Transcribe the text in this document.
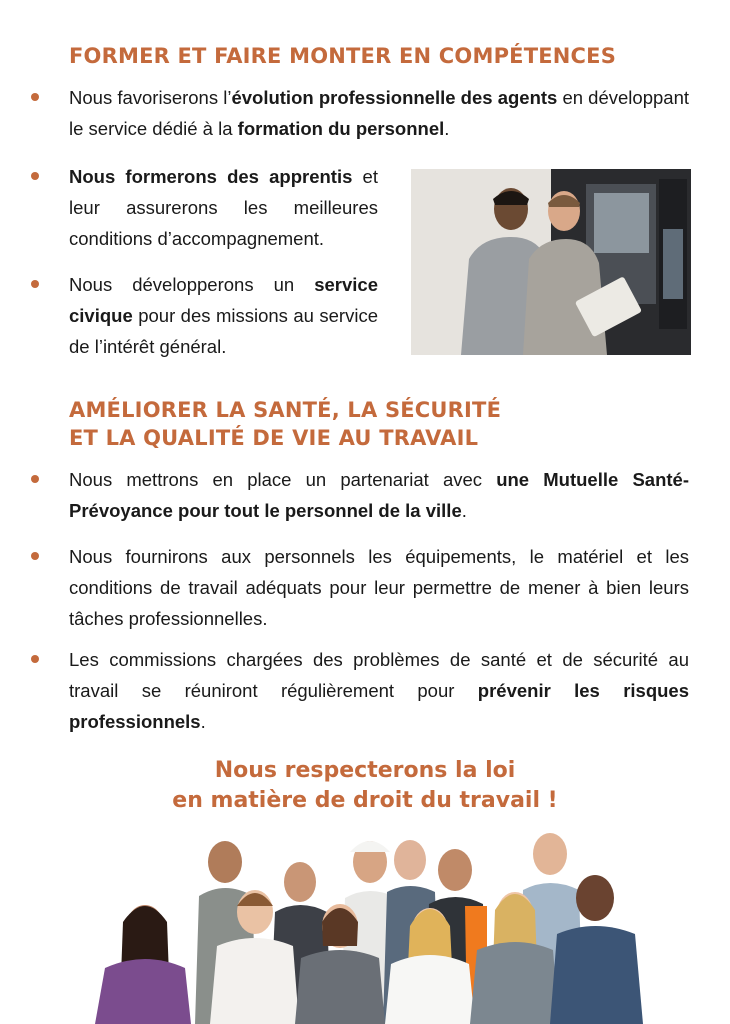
FORMER ET FAIRE MONTER EN COMPÉTENCES

Nous favoriserons l’évolution professionnelle des agents en développant le service dédié à la formation du personnel.

Nous formerons des apprentis et leur assurerons les meilleures conditions d’accompagnement.

Nous développerons un service civique pour des missions au service de l’intérêt général.

AMÉLIORER LA SANTÉ, LA SÉCURITÉ
ET LA QUALITÉ DE VIE AU TRAVAIL

Nous mettrons en place un partenariat avec une Mutuelle Santé-Prévoyance pour tout le personnel de la ville.

Nous fournirons aux personnels les équipements, le matériel et les conditions de travail adéquats pour leur permettre de mener à bien leurs tâches professionnelles.

Les commissions chargées des problèmes de santé et de sécurité au travail se réuniront régulièrement pour prévenir les risques professionnels.

Nous respecterons la loi
en matière de droit du travail !
